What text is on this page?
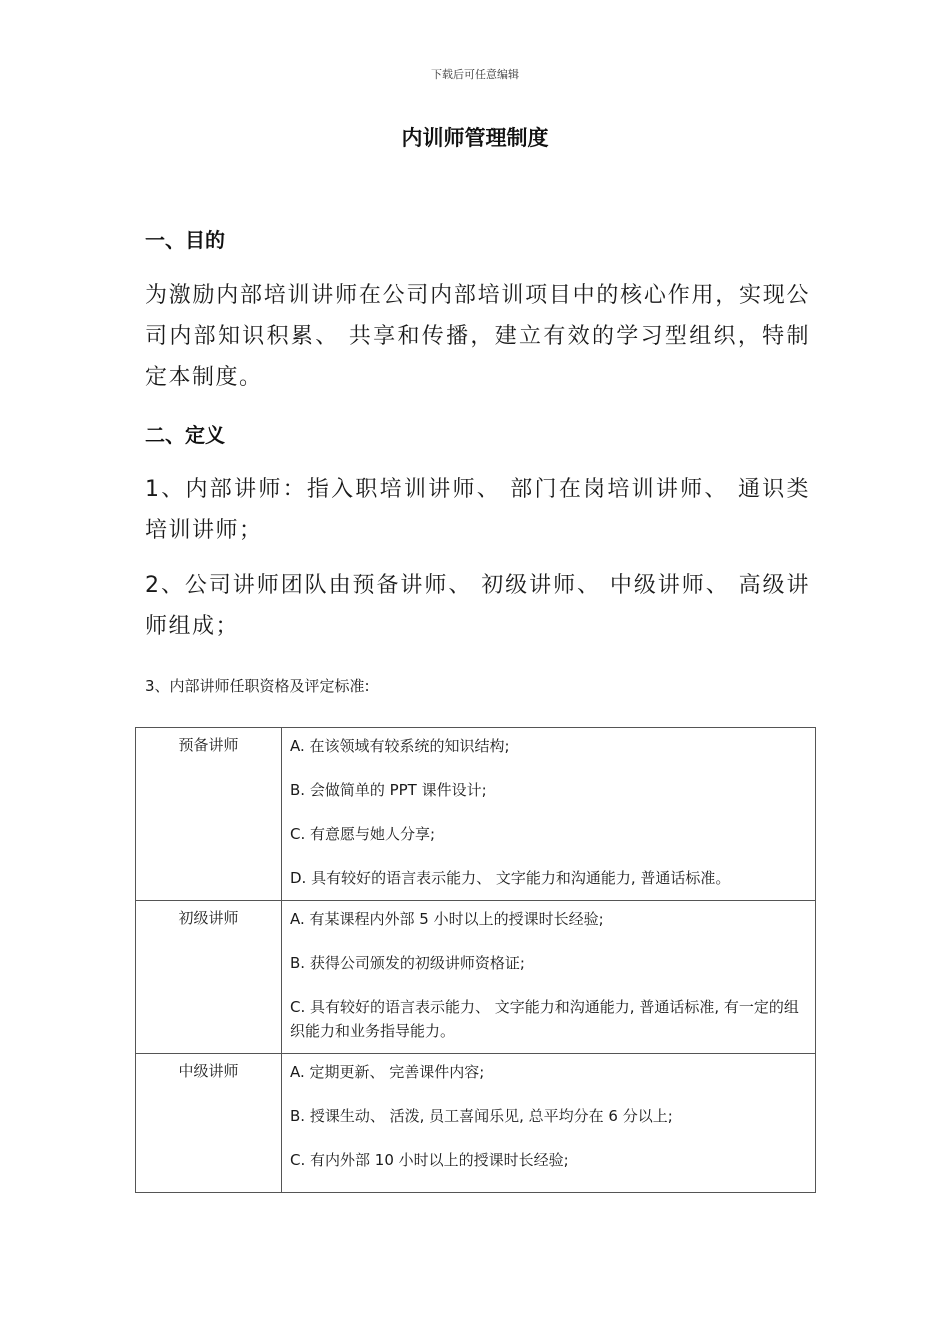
下载后可任意编辑
内训师管理制度
一、目的
为激励内部培训讲师在公司内部培训项目中的核心作用，实现公司内部知识积累、 共享和传播，建立有效的学习型组织，特制定本制度。
二、定义
1、内部讲师：指入职培训讲师、 部门在岗培训讲师、 通识类培训讲师；
2、公司讲师团队由预备讲师、 初级讲师、 中级讲师、 高级讲师组成；
3、内部讲师任职资格及评定标准:
预备讲师	A. 在该领域有较系统的知识结构;
B. 会做简单的 PPT 课件设计;
C. 有意愿与她人分享;
D. 具有较好的语言表示能力、 文字能力和沟通能力, 普通话标准。

初级讲师	A. 有某课程内外部 5 小时以上的授课时长经验;
B. 获得公司颁发的初级讲师资格证;
C. 具有较好的语言表示能力、 文字能力和沟通能力, 普通话标准, 有一定的组织能力和业务指导能力。

中级讲师	A. 定期更新、 完善课件内容;
B. 授课生动、 活泼, 员工喜闻乐见, 总平均分在 6 分以上;
C. 有内外部 10 小时以上的授课时长经验;
